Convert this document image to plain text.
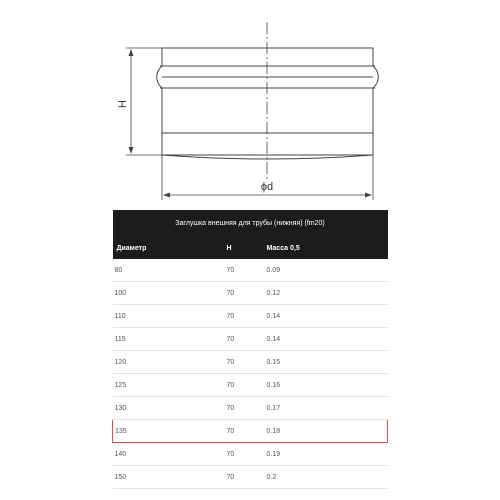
H
ϕd
Заглушка внешняя для трубы (нижняя) (fm20)		
Диаметр	H	Масса 0,5
80	70	0.09
100	70	0.12
110	70	0.14
115	70	0.14
120	70	0.15
125	70	0.16
130	70	0.17
135	70	0.18
140	70	0.19
150	70	0.2
